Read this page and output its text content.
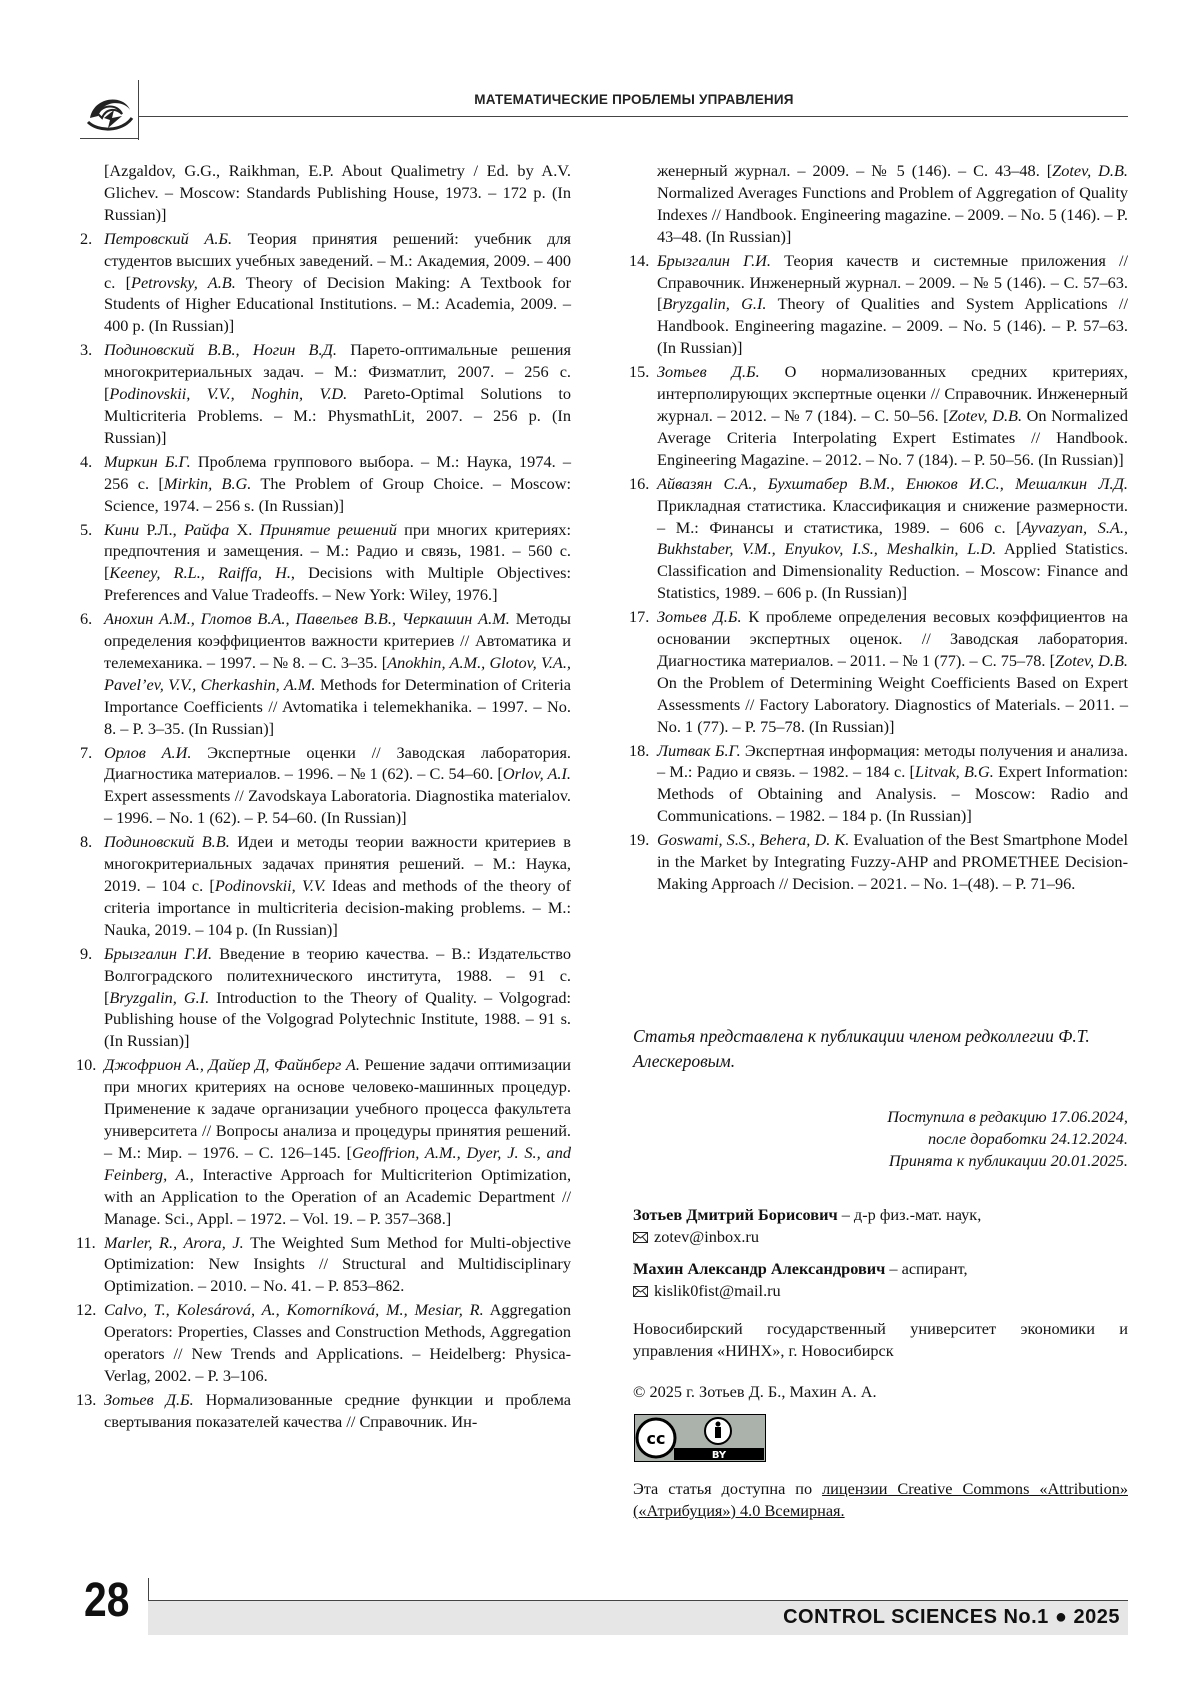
МАТЕМАТИЧЕСКИЕ ПРОБЛЕМЫ УПРАВЛЕНИЯ
[Azgaldov, G.G., Raikhman, E.P. About Qualimetry / Ed. by A.V. Glichev. – Moscow: Standards Publishing House, 1973. – 172 p. (In Russian)]
2. Петровский А.Б. Теория принятия решений: учебник для студентов высших учебных заведений. – М.: Академия, 2009. – 400 с. [Petrovsky, A.B. Theory of Decision Making: A Textbook for Students of Higher Educational Institutions. – M.: Academia, 2009. – 400 p. (In Russian)]
3. Подиновский В.В., Ногин В.Д. Парето-оптимальные решения многокритериальных задач. – М.: Физматлит, 2007. – 256 с. [Podinovskii, V.V., Noghin, V.D. Pareto-Optimal Solutions to Multicriteria Problems. – M.: PhysmathLit, 2007. – 256 p. (In Russian)]
4. Миркин Б.Г. Проблема группового выбора. – М.: Наука, 1974. – 256 с. [Mirkin, B.G. The Problem of Group Choice. – Moscow: Science, 1974. – 256 s. (In Russian)]
5. Кини Р.Л., Райфа Х. Принятие решений при многих критериях: предпочтения и замещения. – М.: Радио и связь, 1981. – 560 с. [Keeney, R.L., Raiffa, H., Decisions with Multiple Objectives: Preferences and Value Tradeoffs. – New York: Wiley, 1976.]
6. Анохин А.М., Глотов В.А., Павельев В.В., Черкашин А.М. Методы определения коэффициентов важности критериев // Автоматика и телемеханика. – 1997. – № 8. – С. 3–35. [Anokhin, A.M., Glotov, V.A., Pavel’ev, V.V., Cherkashin, A.M. Methods for Determination of Criteria Importance Coefficients // Avtomatika i telemekhanika. – 1997. – No. 8. – P. 3–35. (In Russian)]
7. Орлов А.И. Экспертные оценки // Заводская лаборатория. Диагностика материалов. – 1996. – № 1 (62). – С. 54–60. [Orlov, A.I. Expert assessments // Zavodskaya Laboratoria. Diagnostika materialov. – 1996. – No. 1 (62). – P. 54–60. (In Russian)]
8. Подиновский В.В. Идеи и методы теории важности критериев в многокритериальных задачах принятия решений. – М.: Наука, 2019. – 104 с. [Podinovskii, V.V. Ideas and methods of the theory of criteria importance in multicriteria decision-making problems. – M.: Nauka, 2019. – 104 p. (In Russian)]
9. Брызгалин Г.И. Введение в теорию качества. – В.: Издательство Волгоградского политехнического института, 1988. – 91 с. [Bryzgalin, G.I. Introduction to the Theory of Quality. – Volgograd: Publishing house of the Volgograd Polytechnic Institute, 1988. – 91 s. (In Russian)]
10. Джофрион А., Дайер Д, Файнберг А. Решение задачи оптимизации при многих критериях на основе человеко-машинных процедур. Применение к задаче организации учебного процесса факультета университета // Вопросы анализа и процедуры принятия решений. – М.: Мир. – 1976. – С. 126–145. [Geoffrion, A.M., Dyer, J. S., and Feinberg, A., Interactive Approach for Multicriterion Optimization, with an Application to the Operation of an Academic Department // Manage. Sci., Appl. – 1972. – Vol. 19. – P. 357–368.]
11. Marler, R., Arora, J. The Weighted Sum Method for Multi-objective Optimization: New Insights // Structural and Multidisciplinary Optimization. – 2010. – No. 41. – P. 853–862.
12. Calvo, T., Kolesárová, A., Komorníková, M., Mesiar, R. Aggregation Operators: Properties, Classes and Construction Methods, Aggregation operators // New Trends and Applications. – Heidelberg: Physica-Verlag, 2002. – P. 3–106.
13. Зотьев Д.Б. Нормализованные средние функции и проблема свертывания показателей качества // Справочник. Ин-
женерный журнал. – 2009. – № 5 (146). – С. 43–48. [Zotev, D.B. Normalized Averages Functions and Problem of Aggregation of Quality Indexes // Handbook. Engineering magazine. – 2009. – No. 5 (146). – P. 43–48. (In Russian)]
14. Брызгалин Г.И. Теория качеств и системные приложения // Справочник. Инженерный журнал. – 2009. – № 5 (146). – С. 57–63. [Bryzgalin, G.I. Theory of Qualities and System Applications // Handbook. Engineering magazine. – 2009. – No. 5 (146). – P. 57–63. (In Russian)]
15. Зотьев Д.Б. О нормализованных средних критериях, интерполирующих экспертные оценки // Справочник. Инженерный журнал. – 2012. – № 7 (184). – С. 50–56. [Zotev, D.B. On Normalized Average Criteria Interpolating Expert Estimates // Handbook. Engineering Magazine. – 2012. – No. 7 (184). – P. 50–56. (In Russian)]
16. Айвазян С.А., Бухштабер В.М., Енюков И.С., Мешалкин Л.Д. Прикладная статистика. Классификация и снижение размерности. – М.: Финансы и статистика, 1989. – 606 с. [Ayvazyan, S.A., Bukhstaber, V.M., Enyukov, I.S., Meshalkin, L.D. Applied Statistics. Classification and Dimensionality Reduction. – Moscow: Finance and Statistics, 1989. – 606 p. (In Russian)]
17. Зотьев Д.Б. К проблеме определения весовых коэффициентов на основании экспертных оценок. // Заводская лаборатория. Диагностика материалов. – 2011. – № 1 (77). – С. 75–78. [Zotev, D.B. On the Problem of Determining Weight Coefficients Based on Expert Assessments // Factory Laboratory. Diagnostics of Materials. – 2011. – No. 1 (77). – P. 75–78. (In Russian)]
18. Литвак Б.Г. Экспертная информация: методы получения и анализа. – М.: Радио и связь. – 1982. – 184 с. [Litvak, B.G. Expert Information: Methods of Obtaining and Analysis. – Moscow: Radio and Communications. – 1982. – 184 p. (In Russian)]
19. Goswami, S.S., Behera, D. K. Evaluation of the Best Smartphone Model in the Market by Integrating Fuzzy-AHP and PROMETHEE Decision-Making Approach // Decision. – 2021. – No. 1–(48). – P. 71–96.
Статья представлена к публикации членом редколлегии Ф.Т. Алескеровым.
Поступила в редакцию 17.06.2024,
после доработки 24.12.2024.
Принята к публикации 20.01.2025.
Зотьев Дмитрий Борисович – д-р физ.-мат. наук,
zotev@inbox.ru
Махин Александр Александрович – аспирант,
kislik0fist@mail.ru
Новосибирский государственный университет экономики и управления «НИНХ», г. Новосибирск
© 2025 г. Зотьев Д. Б., Махин А. А.
cc
BY
Эта статья доступна по лицензии Creative Commons «Attribution» («Атрибуция») 4.0 Всемирная.
28	CONTROL SCIENCES No.1 ● 2025
